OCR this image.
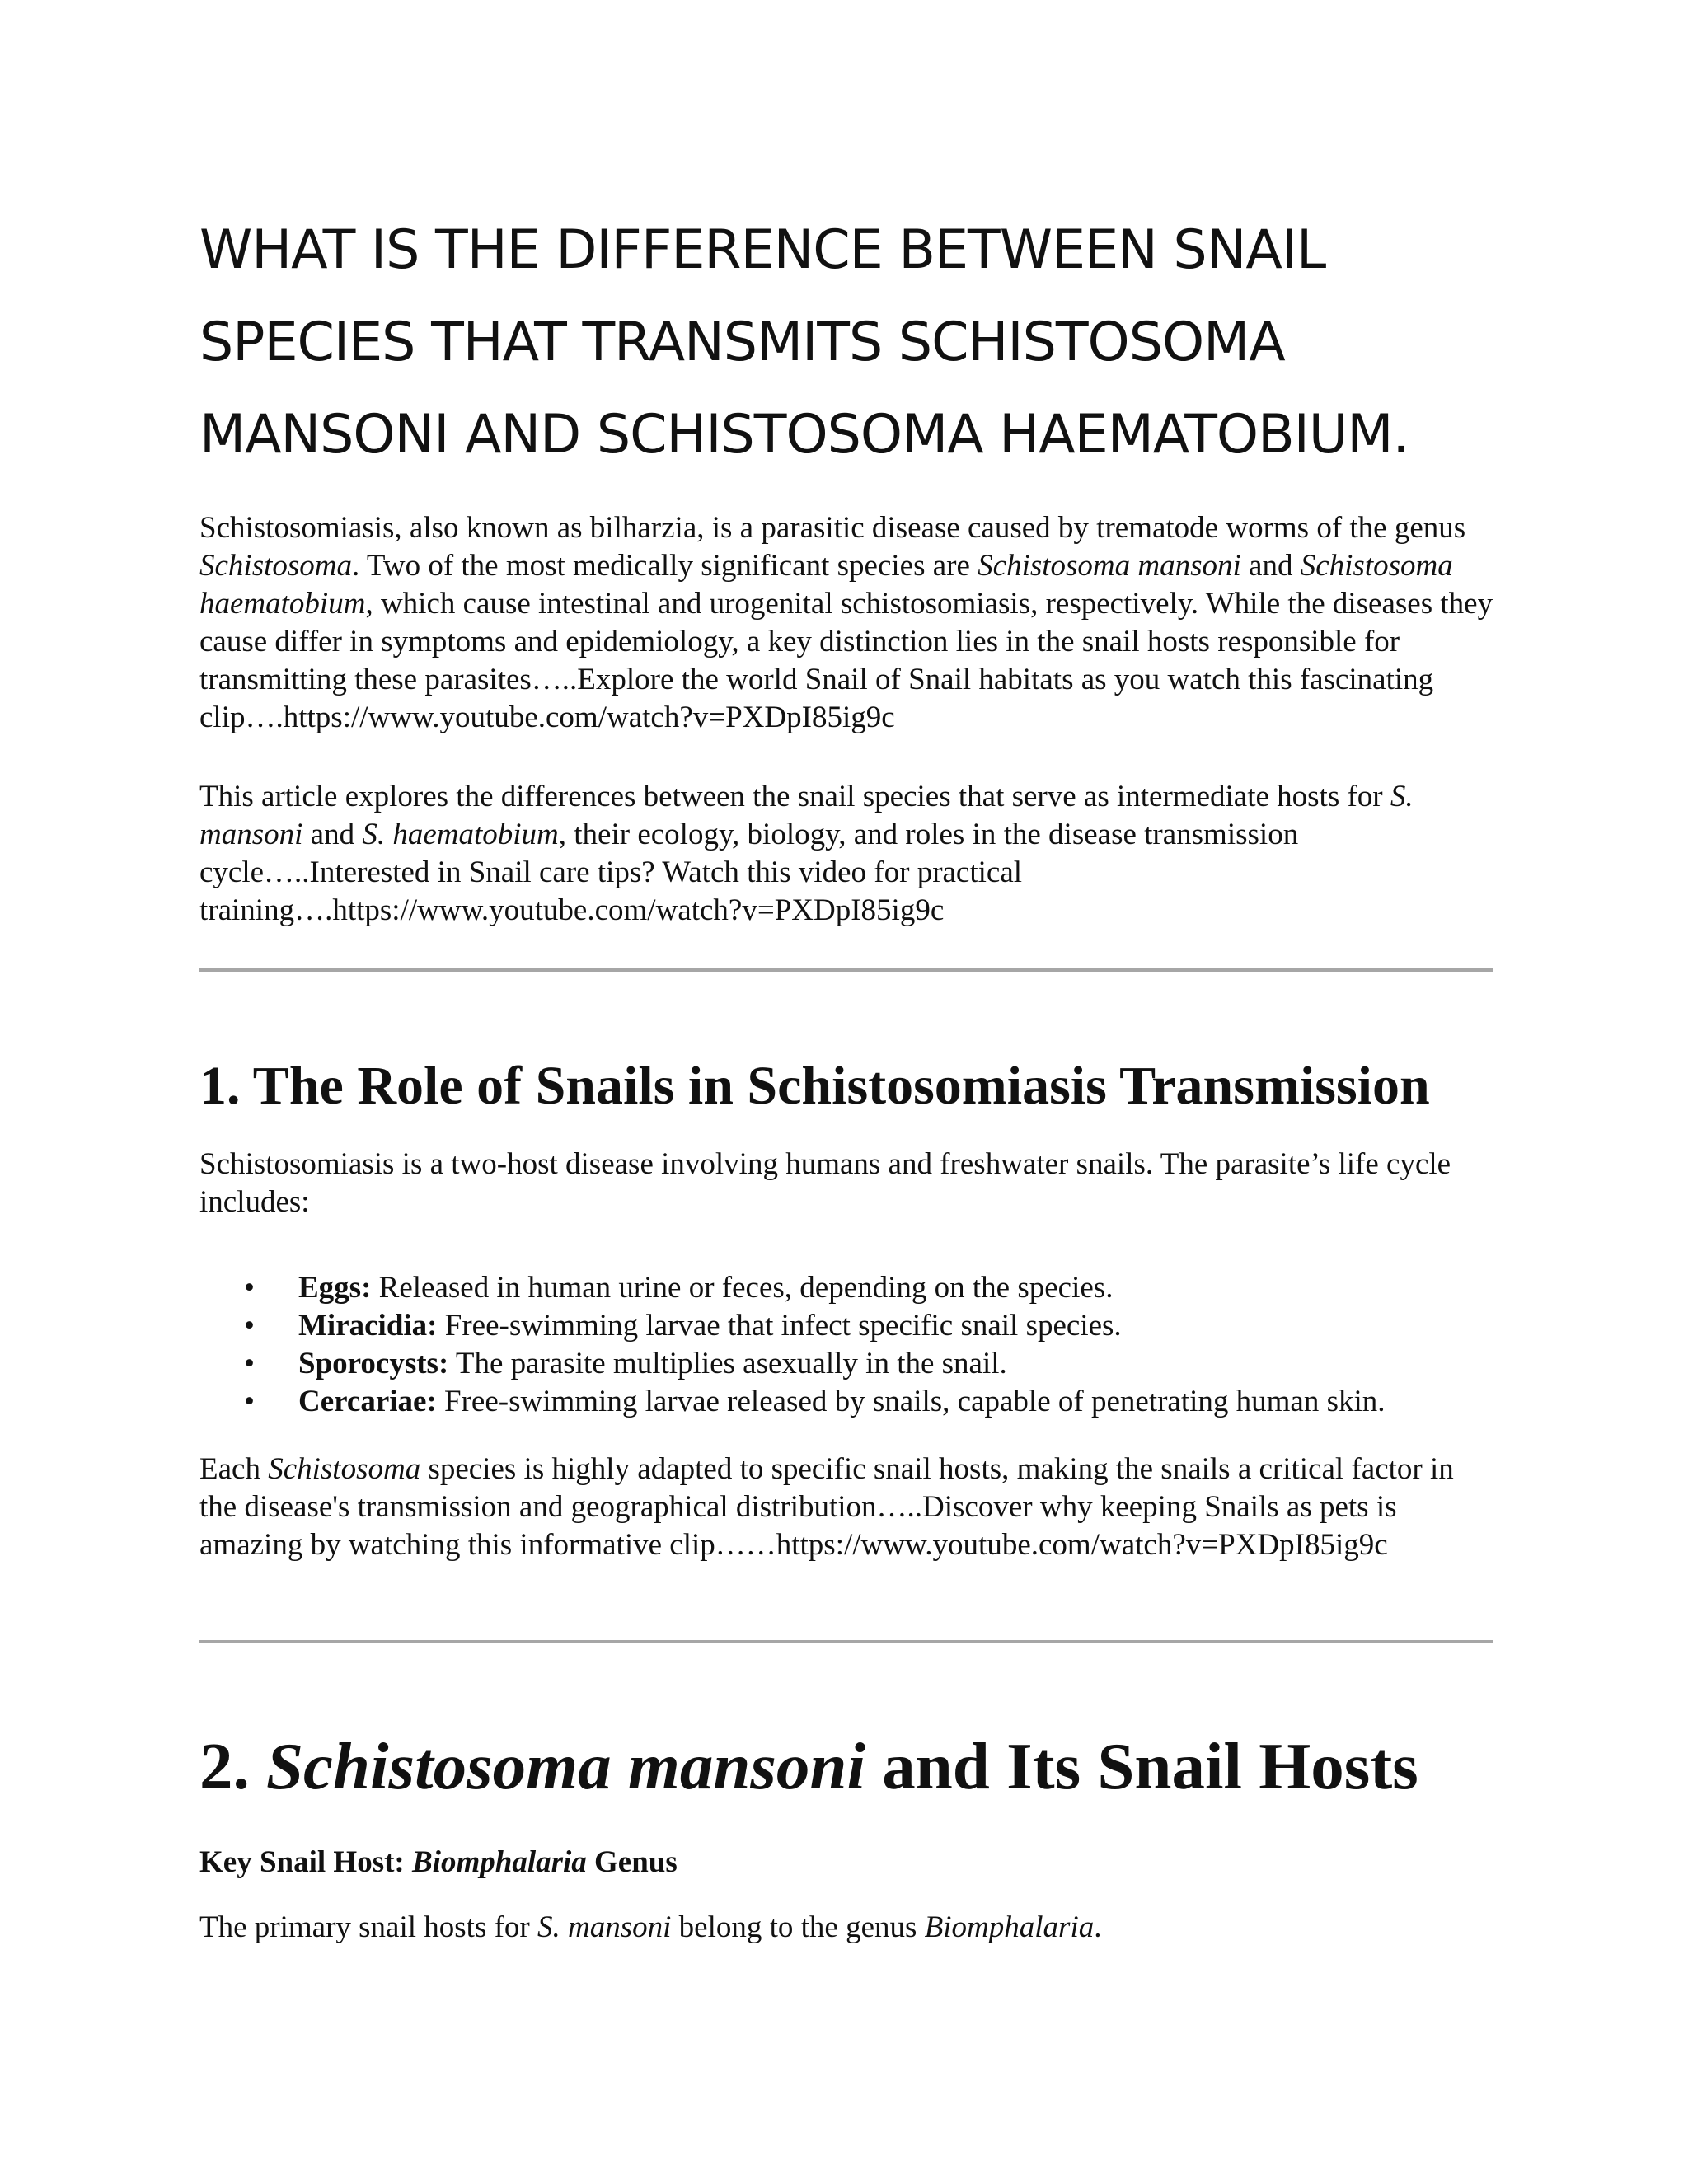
WHAT IS THE DIFFERENCE BETWEEN SNAIL SPECIES THAT TRANSMITS SCHISTOSOMA MANSONI AND SCHISTOSOMA HAEMATOBIUM.

Schistosomiasis, also known as bilharzia, is a parasitic disease caused by trematode worms of the genus Schistosoma. Two of the most medically significant species are Schistosoma mansoni and Schistosoma haematobium, which cause intestinal and urogenital schistosomiasis, respectively. While the diseases they cause differ in symptoms and epidemiology, a key distinction lies in the snail hosts responsible for transmitting these parasites…..Explore the world Snail of Snail habitats as you watch this fascinating clip….https://www.youtube.com/watch?v=PXDpI85ig9c

This article explores the differences between the snail species that serve as intermediate hosts for S. mansoni and S. haematobium, their ecology, biology, and roles in the disease transmission cycle…..Interested in Snail care tips? Watch this video for practical training….https://www.youtube.com/watch?v=PXDpI85ig9c

1. The Role of Snails in Schistosomiasis Transmission

Schistosomiasis is a two-host disease involving humans and freshwater snails. The parasite’s life cycle includes:

• Eggs: Released in human urine or feces, depending on the species.
• Miracidia: Free-swimming larvae that infect specific snail species.
• Sporocysts: The parasite multiplies asexually in the snail.
• Cercariae: Free-swimming larvae released by snails, capable of penetrating human skin.

Each Schistosoma species is highly adapted to specific snail hosts, making the snails a critical factor in the disease's transmission and geographical distribution…..Discover why keeping Snails as pets is amazing by watching this informative clip……https://www.youtube.com/watch?v=PXDpI85ig9c

2. Schistosoma mansoni and Its Snail Hosts
Key Snail Host: Biomphalaria Genus

The primary snail hosts for S. mansoni belong to the genus Biomphalaria.
